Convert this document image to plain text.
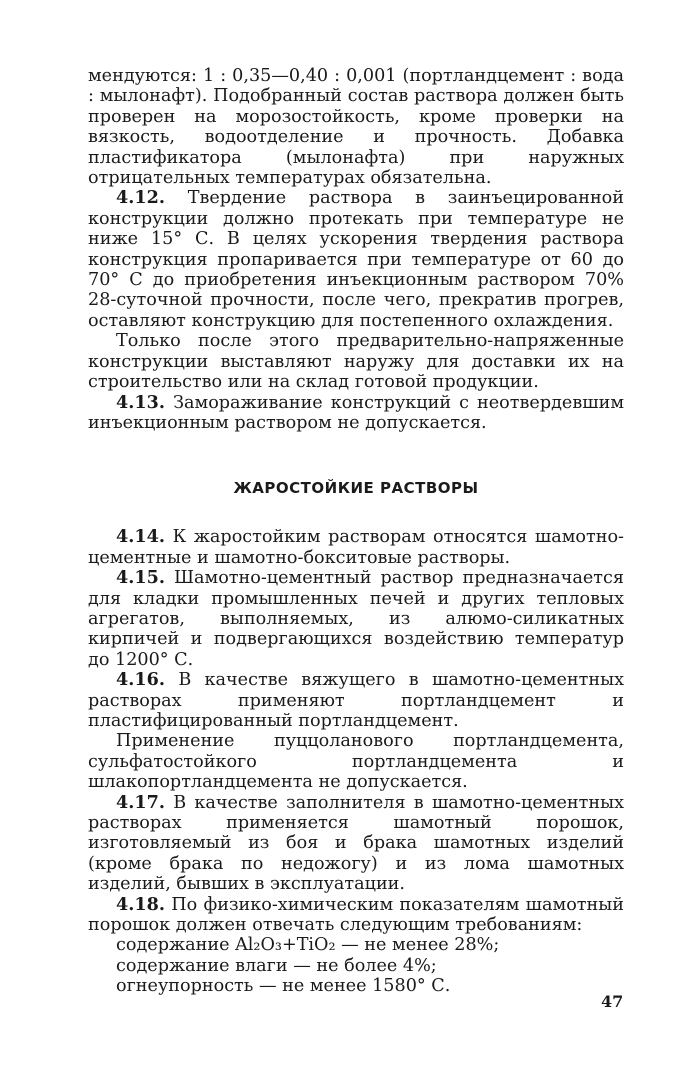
мендуются: 1 : 0,35—0,40 : 0,001 (портландцемент : вода : мылонафт). Подобранный состав раствора должен быть проверен на морозостойкость, кроме проверки на вязкость, водоотделение и прочность. Добавка пластификатора (мылонафта) при наружных отрицательных температурах обязательна.

4.12. Твердение раствора в заинъецированной конструкции должно протекать при температуре не ниже 15° С. В целях ускорения твердения раствора конструкция пропаривается при температуре от 60 до 70° С до приобретения инъекционным раствором 70% 28-суточной прочности, после чего, прекратив прогрев, оставляют конструкцию для постепенного охлаждения.

Только после этого предварительно-напряженные конструкции выставляют наружу для доставки их на строительство или на склад готовой продукции.

4.13. Замораживание конструкций с неотвердевшим инъекционным раствором не допускается.

ЖАРОСТОЙКИЕ РАСТВОРЫ

4.14. К жаростойким растворам относятся шамотно-цементные и шамотно-бокситовые растворы.

4.15. Шамотно-цементный раствор предназначается для кладки промышленных печей и других тепловых агрегатов, выполняемых, из алюмо-силикатных кирпичей и подвергающихся воздействию температур до 1200° С.

4.16. В качестве вяжущего в шамотно-цементных растворах применяют портландцемент и пластифицированный портландцемент.

Применение пуццоланового портландцемента, сульфатостойкого портландцемента и шлакопортландцемента не допускается.

4.17. В качестве заполнителя в шамотно-цементных растворах применяется шамотный порошок, изготовляемый из боя и брака шамотных изделий (кроме брака по недожогу) и из лома шамотных изделий, бывших в эксплуатации.

4.18. По физико-химическим показателям шамотный порошок должен отвечать следующим требованиям:

содержание Al₂O₃+TiO₂ — не менее 28%;

содержание влаги — не более 4%;

огнеупорность — не менее 1580° С.

47
